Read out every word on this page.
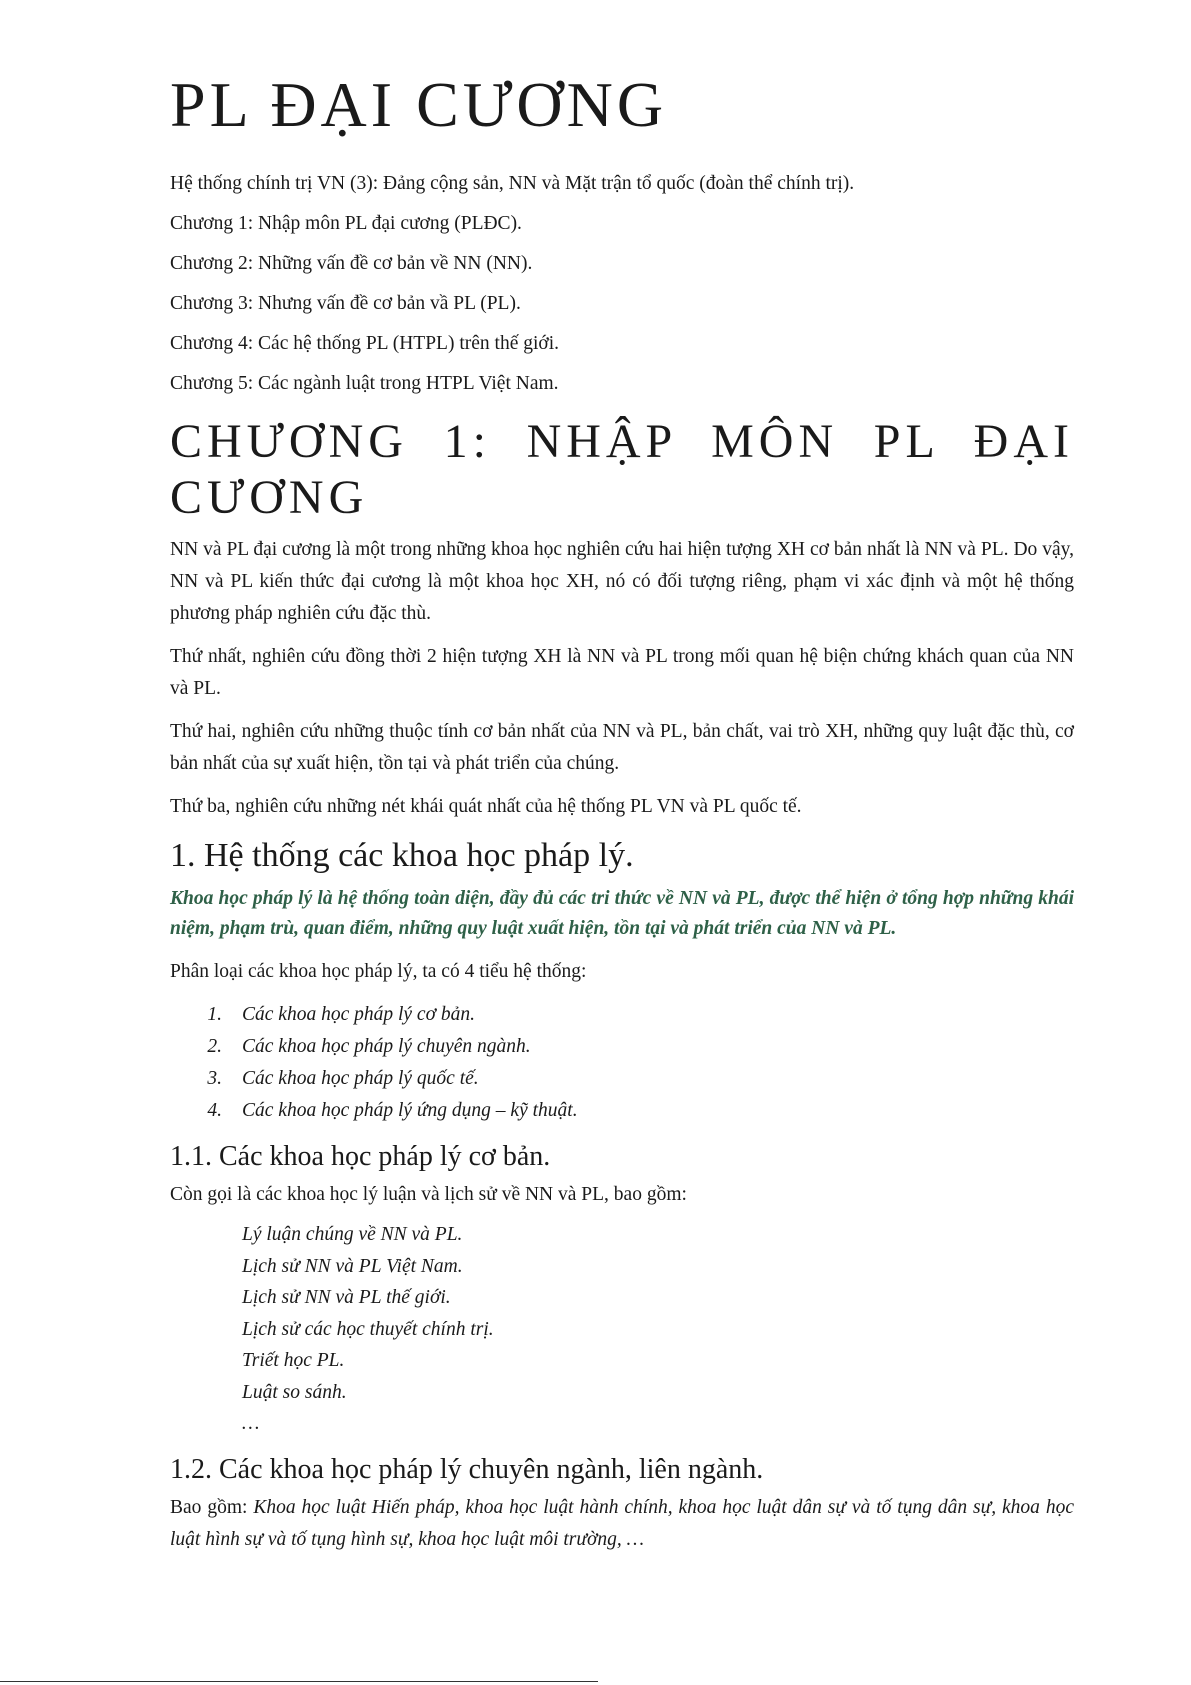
PL ĐẠI CƯƠNG

Hệ thống chính trị VN (3): Đảng cộng sản, NN và Mặt trận tổ quốc (đoàn thể chính trị).

Chương 1: Nhập môn PL đại cương (PLĐC).

Chương 2: Những vấn đề cơ bản về NN (NN).

Chương 3: Nhưng vấn đề cơ bản vầ PL (PL).

Chương 4: Các hệ thống PL (HTPL) trên thế giới.

Chương 5: Các ngành luật trong HTPL Việt Nam.

CHƯƠNG 1: NHẬP MÔN PL ĐẠI CƯƠNG

NN và PL đại cương là một trong những khoa học nghiên cứu hai hiện tượng XH cơ bản nhất là NN và PL. Do vậy, NN và PL kiến thức đại cương là một khoa học XH, nó có đối tượng riêng, phạm vi xác định và một hệ thống phương pháp nghiên cứu đặc thù.

Thứ nhất, nghiên cứu đồng thời 2 hiện tượng XH là NN và PL trong mối quan hệ biện chứng khách quan của NN và PL.

Thứ hai, nghiên cứu những thuộc tính cơ bản nhất của NN và PL, bản chất, vai trò XH, những quy luật đặc thù, cơ bản nhất của sự xuất hiện, tồn tại và phát triển của chúng.

Thứ ba, nghiên cứu những nét khái quát nhất của hệ thống PL VN và PL quốc tế.

1. Hệ thống các khoa học pháp lý.

Khoa học pháp lý là hệ thống toàn diện, đầy đủ các tri thức về NN và PL, được thể hiện ở tổng hợp những khái niệm, phạm trù, quan điểm, những quy luật xuất hiện, tồn tại và phát triển của NN và PL.

Phân loại các khoa học pháp lý, ta có 4 tiểu hệ thống:

1.	Các khoa học pháp lý cơ bản.
2.	Các khoa học pháp lý chuyên ngành.
3.	Các khoa học pháp lý quốc tế.
4.	Các khoa học pháp lý ứng dụng – kỹ thuật.
1.1. Các khoa học pháp lý cơ bản.

Còn gọi là các khoa học lý luận và lịch sử về NN và PL, bao gồm:

Lý luận chúng về NN và PL.
Lịch sử NN và PL Việt Nam.
Lịch sử NN và PL thế giới.
Lịch sử các học thuyết chính trị.
Triết học PL.
Luật so sánh.
…
1.2. Các khoa học pháp lý chuyên ngành, liên ngành.

Bao gồm: Khoa học luật Hiến pháp, khoa học luật hành chính, khoa học luật dân sự và tố tụng dân sự, khoa học luật hình sự và tố tụng hình sự, khoa học luật môi trường, …
